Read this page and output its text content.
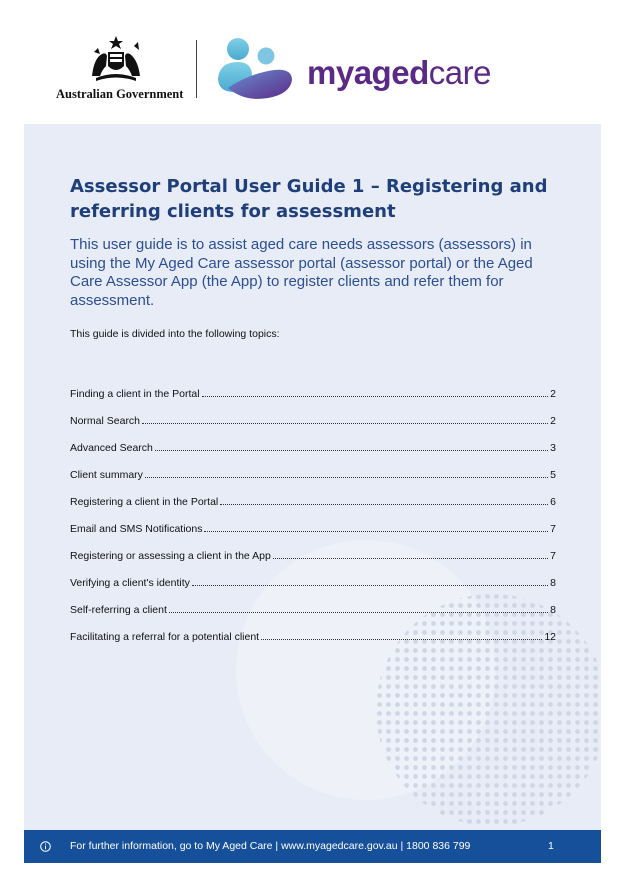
Australian Government
myagedcare
Assessor Portal User Guide 1 – Registering and referring clients for assessment

This user guide is to assist aged care needs assessors (assessors) in using the My Aged Care assessor portal (assessor portal) or the Aged Care Assessor App (the App) to register clients and refer them for assessment.

This guide is divided into the following topics:

Finding a client in the Portal	2
Normal Search	2
Advanced Search	3
Client summary	5
Registering a client in the Portal	6
Email and SMS Notifications	7
Registering or assessing a client in the App	7
Verifying a client's identity	8
Self-referring a client	8
Facilitating a referral for a potential client	12
For further information, go to My Aged Care | www.myagedcare.gov.au | 1800 836 799	1
